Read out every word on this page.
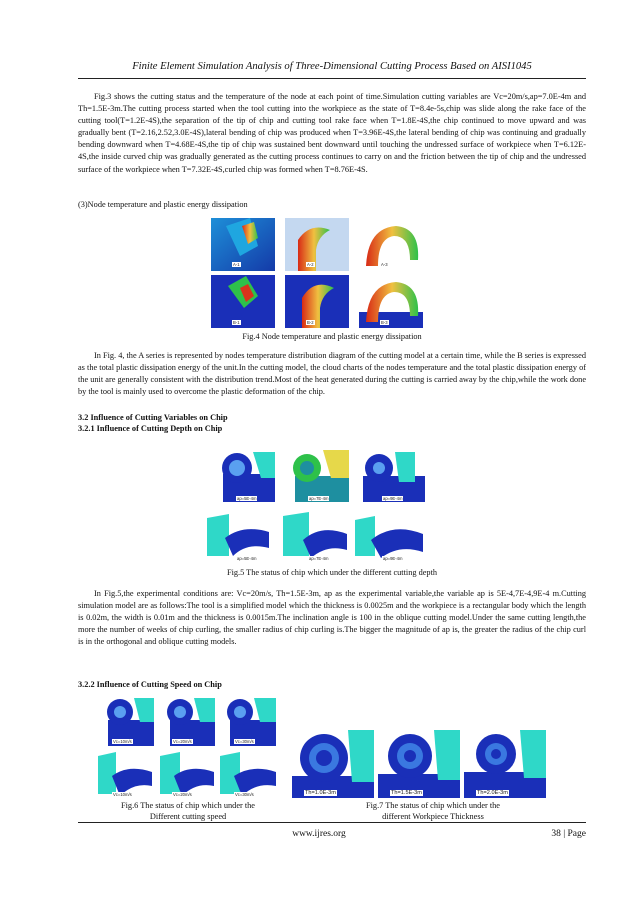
Finite Element Simulation Analysis of Three-Dimensional Cutting Process Based on AISI1045
Fig.3 shows the cutting status and the temperature of the node at each point of time.Simulation cutting variables are Vc=20m/s,ap=7.0E-4m and Th=1.5E-3m.The cutting process started when the tool cutting into the workpiece as the state of T=8.4e-5s,chip was slide along the rake face of the cutting tool(T=1.2E-4S),the separation of the tip of chip and cutting tool rake face when T=1.8E-4S,the chip continued to move upward and was gradually bent (T=2.16,2.52,3.0E-4S),lateral bending of chip was produced when T=3.96E-4S,the lateral bending of chip was continuing and gradually bending downward when T=4.68E-4S,the tip of chip was sustained bent downward until touching the undressed surface of workpiece when T=6.12E-4S,the inside curved chip was gradually generated as the cutting process continues to carry on and the friction between the tip of chip and the undressed surface of the workpiece when T=7.32E-4S,curled chip was formed when T=8.76E-4S.
(3)Node temperature and plastic energy dissipation
A-1	A-2	A-3
B-1	B-2	B-3
Fig.4 Node temperature and plastic energy dissipation
In Fig. 4, the A series is represented by nodes temperature distribution diagram of the cutting model at a certain time, while the B series is expressed as the total plastic dissipation energy of the unit.In the cutting model, the cloud charts of the nodes temperature and the total plastic dissipation energy of the unit are generally consistent with the distribution trend.Most of the heat generated during the cutting is carried away by the chip,while the work done by the tool is mainly used to overcome the plastic deformation of the chip.
3.2 Influence of Cutting Variables on Chip
3.2.1 Influence of Cutting Depth on Chip
ap=5E-4m	ap=7E-4m	ap=9E-4m
ap=5E-4m	ap=7E-4m	ap=9E-4m
Fig.5 The status of chip which under the different cutting depth
In Fig.5,the experimental conditions are: Vc=20m/s, Th=1.5E-3m, ap as the experimental variable,the variable ap is 5E-4,7E-4,9E-4 m.Cutting simulation model are as follows:The tool is a simplified model which the thickness is 0.0025m and the workpiece is a rectangular body which the length is 0.02m, the width is 0.01m and the thickness is 0.0015m.The inclination angle is 100 in the oblique cutting model.Under the same cutting length,the more the number of weeks of chip curling, the smaller radius of chip curling is.The bigger the magnitude of ap is, the greater the radius of the chip curl is in the orthogonal and oblique cutting models.
3.2.2 Influence of Cutting Speed on Chip
Vc=10m/s	Vc=20m/s	Vc=30m/s
Vc=10m/s	Vc=20m/s	Vc=30m/s
Fig.6 The status of chip which under the
Different cutting speed
Th=1.0E-3m	Th=1.5E-3m	Th=2.0E-3m
Fig.7 The status of chip which under the
different Workpiece Thickness
www.ijres.org	38 | Page
